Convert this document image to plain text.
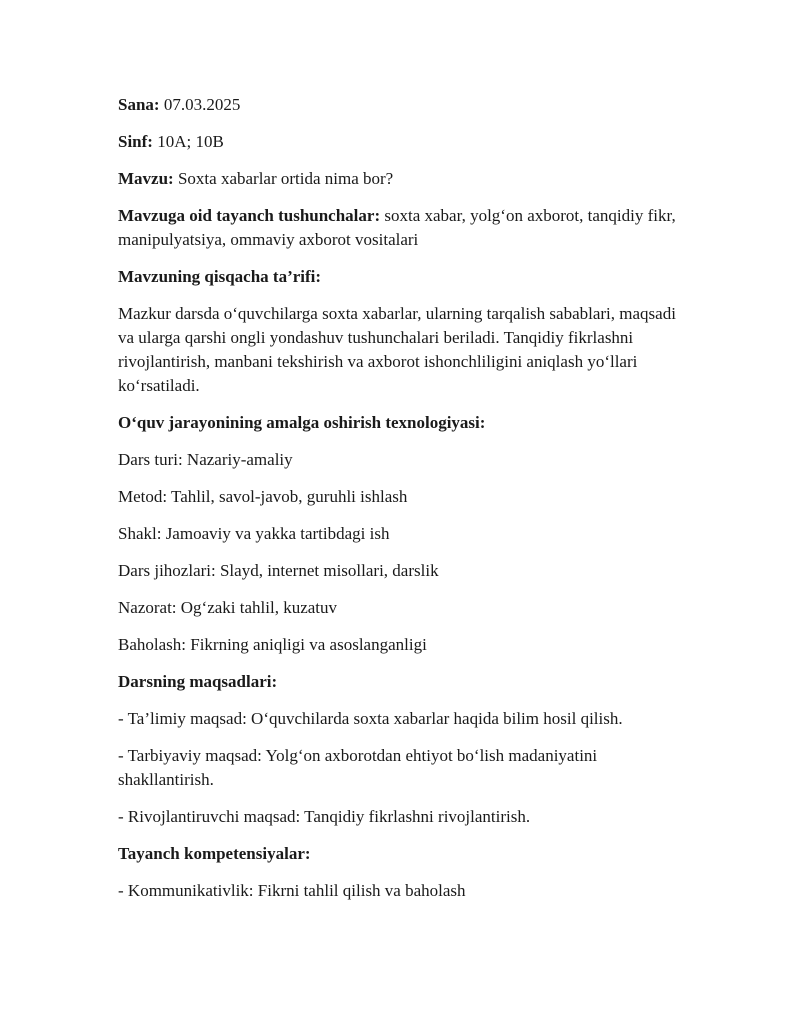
Sana: 07.03.2025

Sinf: 10A; 10B

Mavzu: Soxta xabarlar ortida nima bor?

Mavzuga oid tayanch tushunchalar: soxta xabar, yolg‘on axborot, tanqidiy fikr, manipulyatsiya, ommaviy axborot vositalari

Mavzuning qisqacha ta’rifi:

Mazkur darsda o‘quvchilarga soxta xabarlar, ularning tarqalish sabablari, maqsadi va ularga qarshi ongli yondashuv tushunchalari beriladi. Tanqidiy fikrlashni rivojlantirish, manbani tekshirish va axborot ishonchliligini aniqlash yo‘llari ko‘rsatiladi.

O‘quv jarayonining amalga oshirish texnologiyasi:

Dars turi: Nazariy-amaliy

Metod: Tahlil, savol-javob, guruhli ishlash

Shakl: Jamoaviy va yakka tartibdagi ish

Dars jihozlari: Slayd, internet misollari, darslik

Nazorat: Og‘zaki tahlil, kuzatuv

Baholash: Fikrning aniqligi va asoslanganligi

Darsning maqsadlari:

- Ta’limiy maqsad: O‘quvchilarda soxta xabarlar haqida bilim hosil qilish.

- Tarbiyaviy maqsad: Yolg‘on axborotdan ehtiyot bo‘lish madaniyatini shakllantirish.

- Rivojlantiruvchi maqsad: Tanqidiy fikrlashni rivojlantirish.

Tayanch kompetensiyalar:

- Kommunikativlik: Fikrni tahlil qilish va baholash
